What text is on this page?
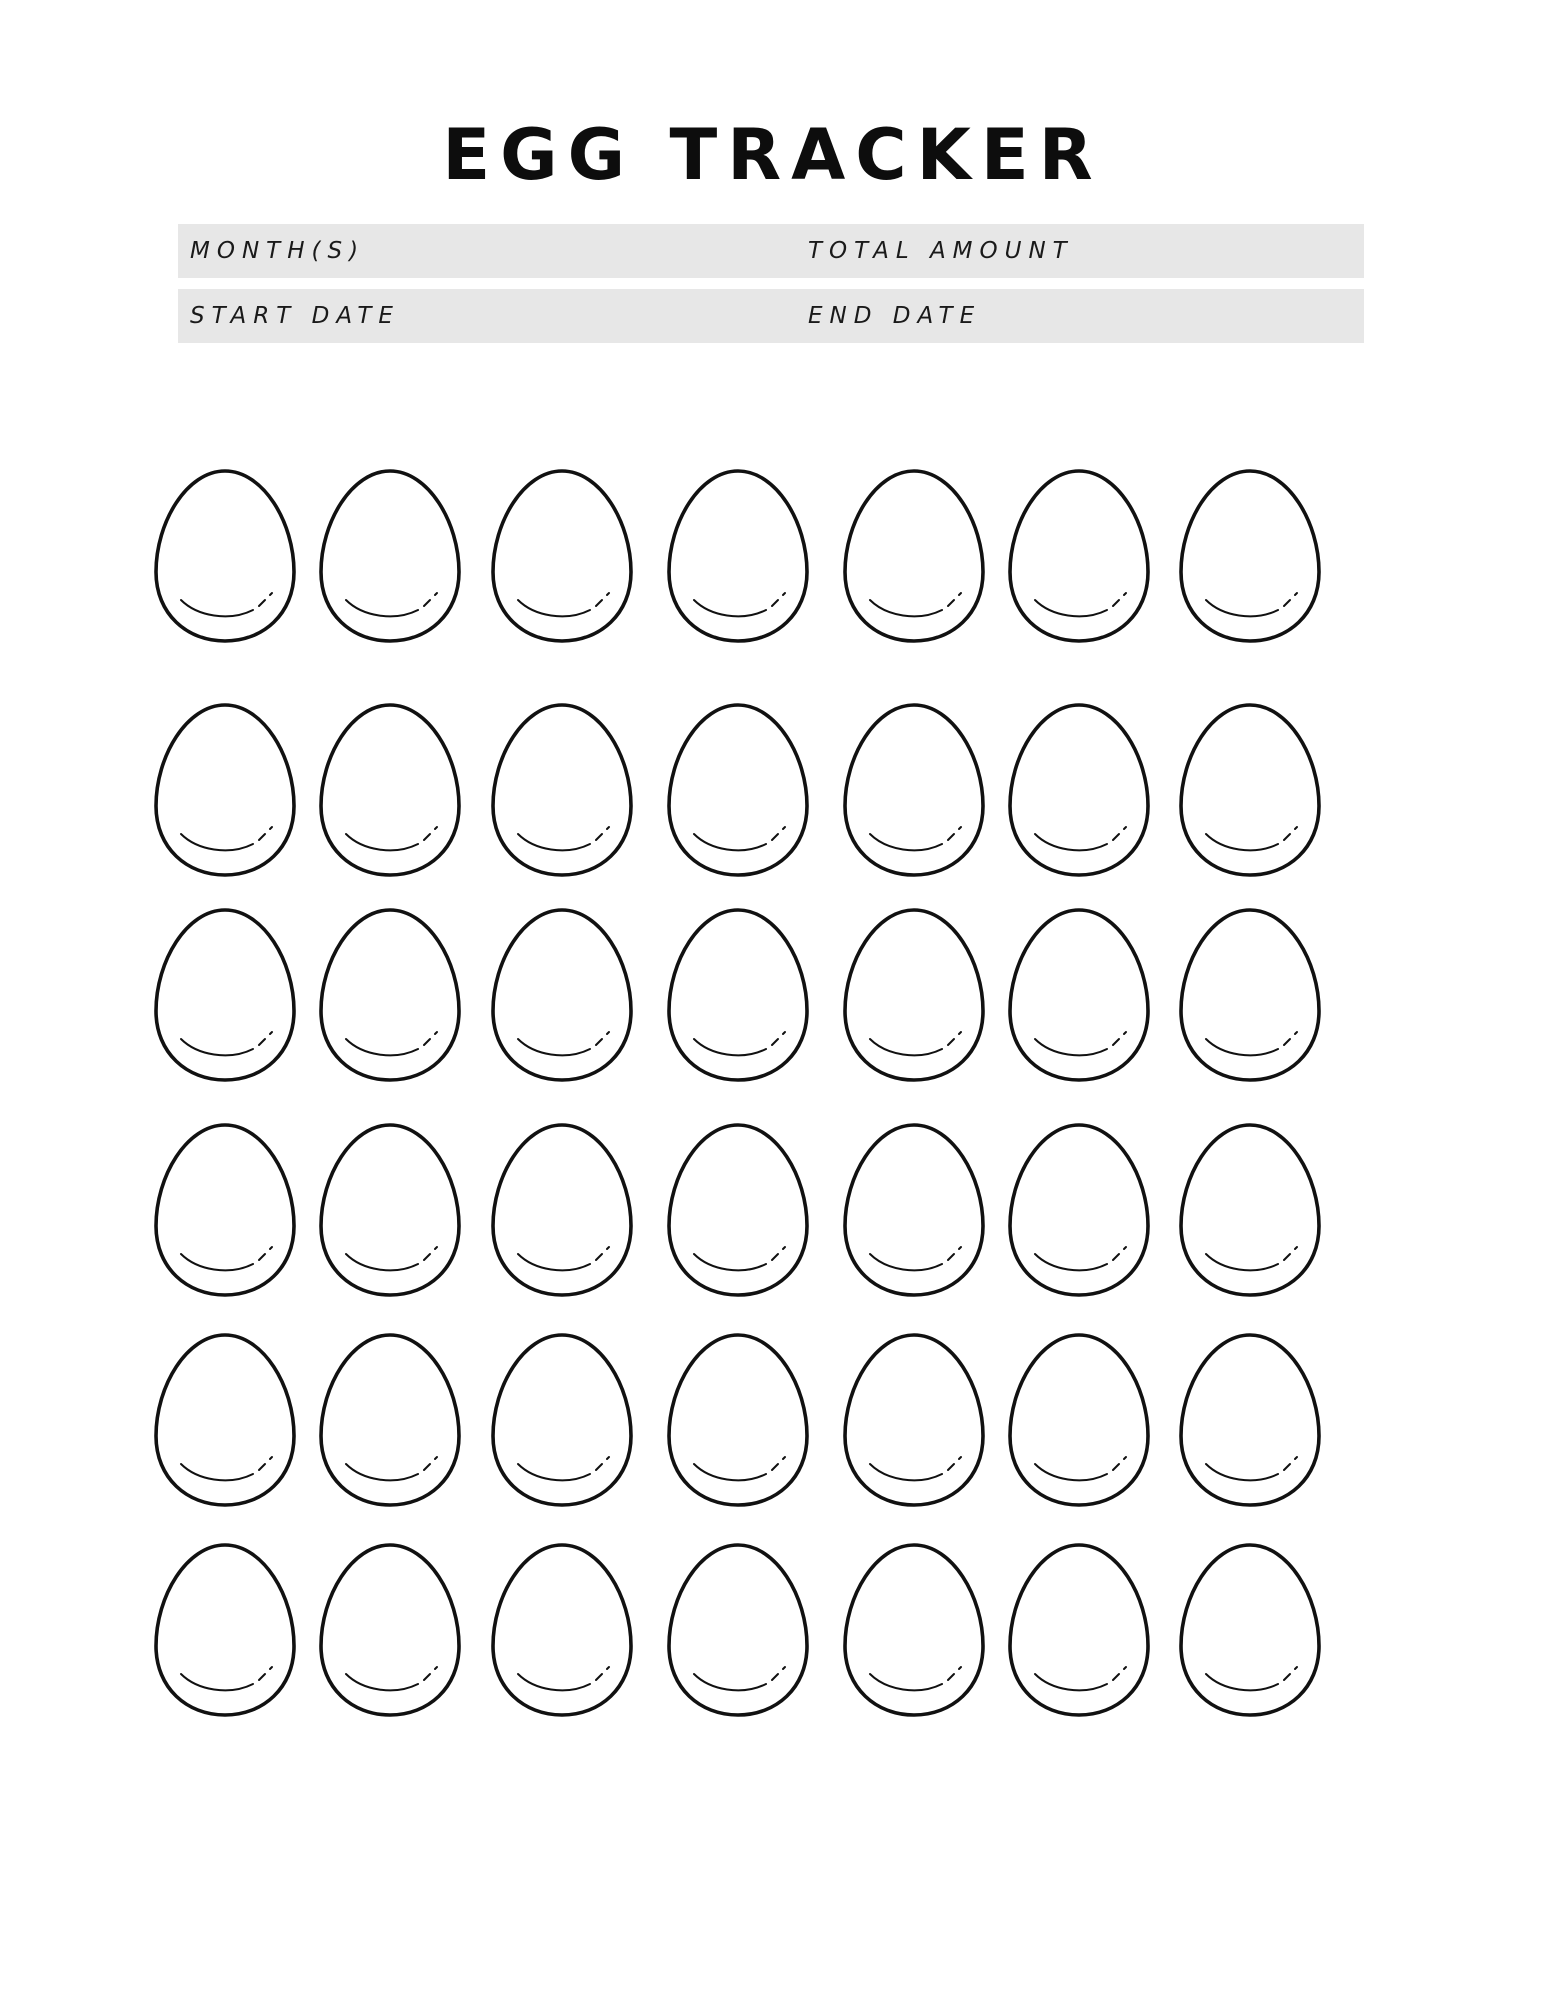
EGG TRACKER
MONTH(S)	TOTAL AMOUNT
START DATE	END DATE
